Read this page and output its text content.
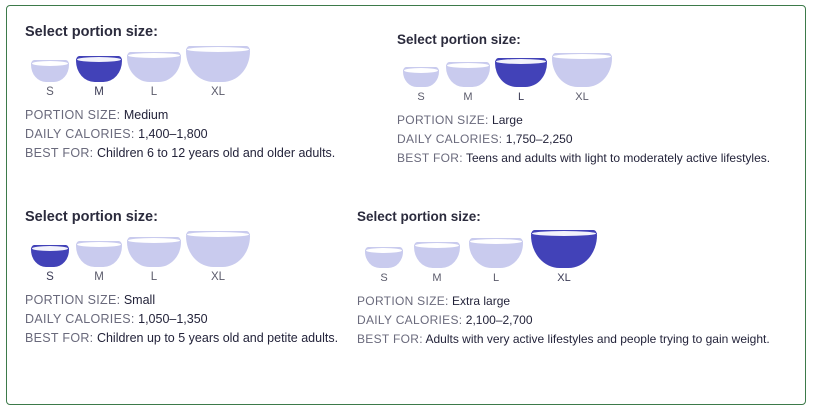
Select portion size:
S	M	L	XL
PORTION SIZE: Medium
DAILY CALORIES: 1,400–1,800
BEST FOR: Children 6 to 12 years old and older adults.
Select portion size:
S	M	L	XL
PORTION SIZE: Large
DAILY CALORIES: 1,750–2,250
BEST FOR: Teens and adults with light to moderately active lifestyles.
Select portion size:
S	M	L	XL
PORTION SIZE: Small
DAILY CALORIES: 1,050–1,350
BEST FOR: Children up to 5 years old and petite adults.
Select portion size:
S	M	L	XL
PORTION SIZE: Extra large
DAILY CALORIES: 2,100–2,700
BEST FOR: Adults with very active lifestyles and people trying to gain weight.
